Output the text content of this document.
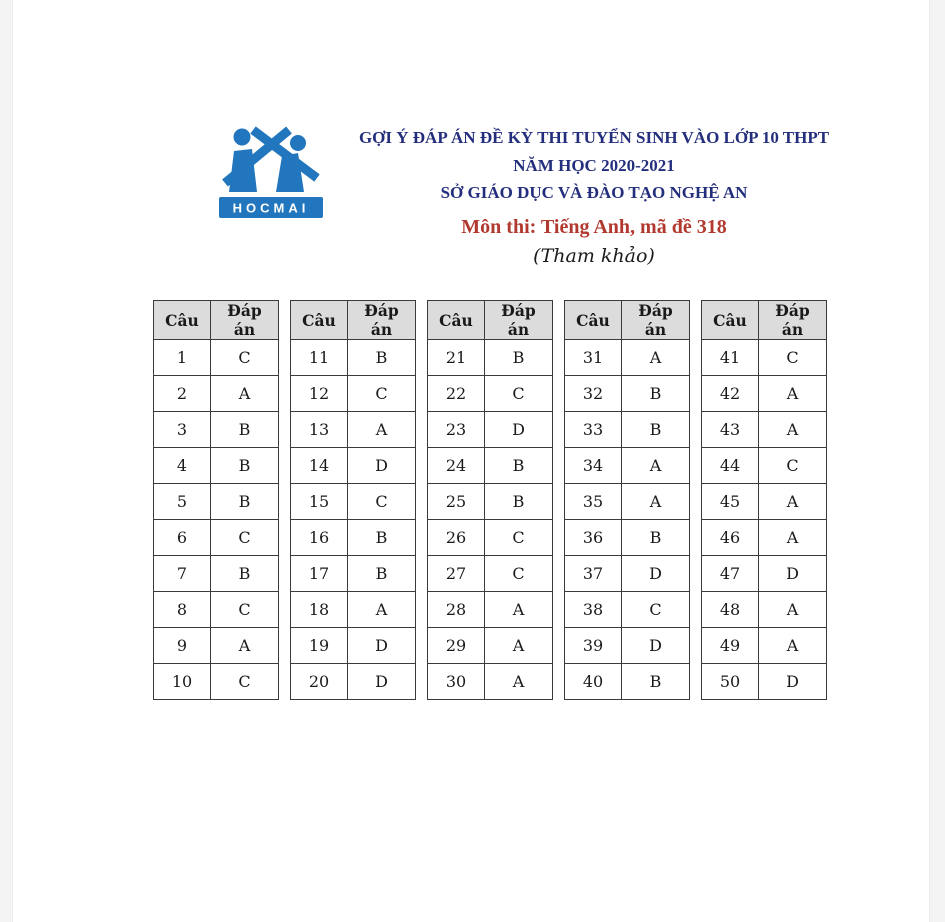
HOCMAI
GỢI Ý ĐÁP ÁN ĐỀ KỲ THI TUYỂN SINH VÀO LỚP 10 THPT
NĂM HỌC 2020-2021
SỞ GIÁO DỤC VÀ ĐÀO TẠO NGHỆ AN
Môn thi: Tiếng Anh, mã đề 318
(Tham khảo)
Câu	Đáp án
1	C
2	A
3	B
4	B
5	B
6	C
7	B
8	C
9	A
10	C
Câu	Đáp án
11	B
12	C
13	A
14	D
15	C
16	B
17	B
18	A
19	D
20	D
Câu	Đáp án
21	B
22	C
23	D
24	B
25	B
26	C
27	C
28	A
29	A
30	A
Câu	Đáp án
31	A
32	B
33	B
34	A
35	A
36	B
37	D
38	C
39	D
40	B
Câu	Đáp án
41	C
42	A
43	A
44	C
45	A
46	A
47	D
48	A
49	A
50	D
